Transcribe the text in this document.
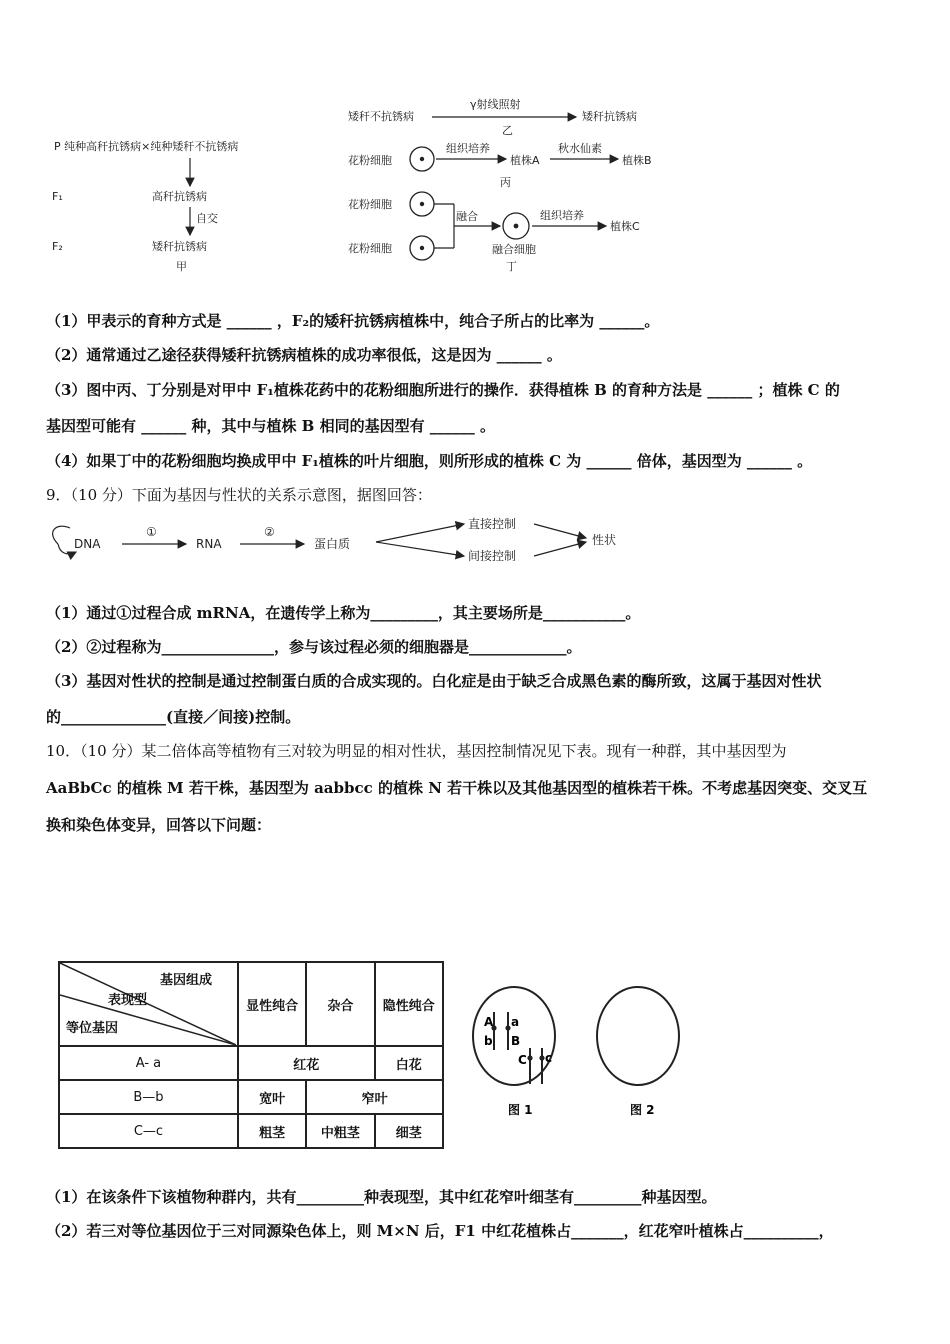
P 纯种高秆抗锈病×纯种矮秆不抗锈病
F₁	高秆抗锈病
自交
F₂	矮秆抗锈病
甲
矮秆不抗锈病
γ射线照射
矮秆抗锈病
乙
花粉细胞
组织培养
植株A
秋水仙素
植株B
丙
花粉细胞
花粉细胞
融合	组织培养
植株C
融合细胞
丁
（1）甲表示的育种方式是 ______ ，F₂的矮秆抗锈病植株中，纯合子所占的比率为 ______。
（2）通常通过乙途径获得矮秆抗锈病植株的成功率很低，这是因为 ______ 。
（3）图中丙、丁分别是对甲中 F₁植株花药中的花粉细胞所进行的操作．获得植株 B 的育种方法是 ______ ；植株 C 的
基因型可能有 ______ 种，其中与植株 B 相同的基因型有 ______ 。
（4）如果丁中的花粉细胞均换成甲中 F₁植株的叶片细胞，则所形成的植株 C 为 ______ 倍体，基因型为 ______ 。
9．（10 分）下面为基因与性状的关系示意图，据图回答：
DNA
①
RNA
②
蛋白质
直接控制
间接控制
性状
（1）通过①过程合成 mRNA，在遗传学上称为_________，其主要场所是___________。
（2）②过程称为_______________，参与该过程必须的细胞器是_____________。
（3）基因对性状的控制是通过控制蛋白质的合成实现的。白化症是由于缺乏合成黑色素的酶所致，这属于基因对性状
的______________(直接／间接)控制。
10．（10 分）某二倍体高等植物有三对较为明显的相对性状，基因控制情况见下表。现有一种群，其中基因型为
AaBbCc 的植株 M 若干株，基因型为 aabbcc 的植株 N 若干株以及其他基因型的植株若干株。不考虑基因突变、交叉互
换和染色体变异，回答以下问题：
基因组成
表现型
等位基因	显性纯合	杂合	隐性纯合
A- a	红花		白花
B—b	宽叶	窄叶	
C—c	粗茎	中粗茎	细茎
A a
b B
C c
图 1	图 2
（1）在该条件下该植物种群内，共有_________种表现型，其中红花窄叶细茎有_________种基因型。
（2）若三对等位基因位于三对同源染色体上，则 M×N 后，F1 中红花植株占_______，红花窄叶植株占__________，
